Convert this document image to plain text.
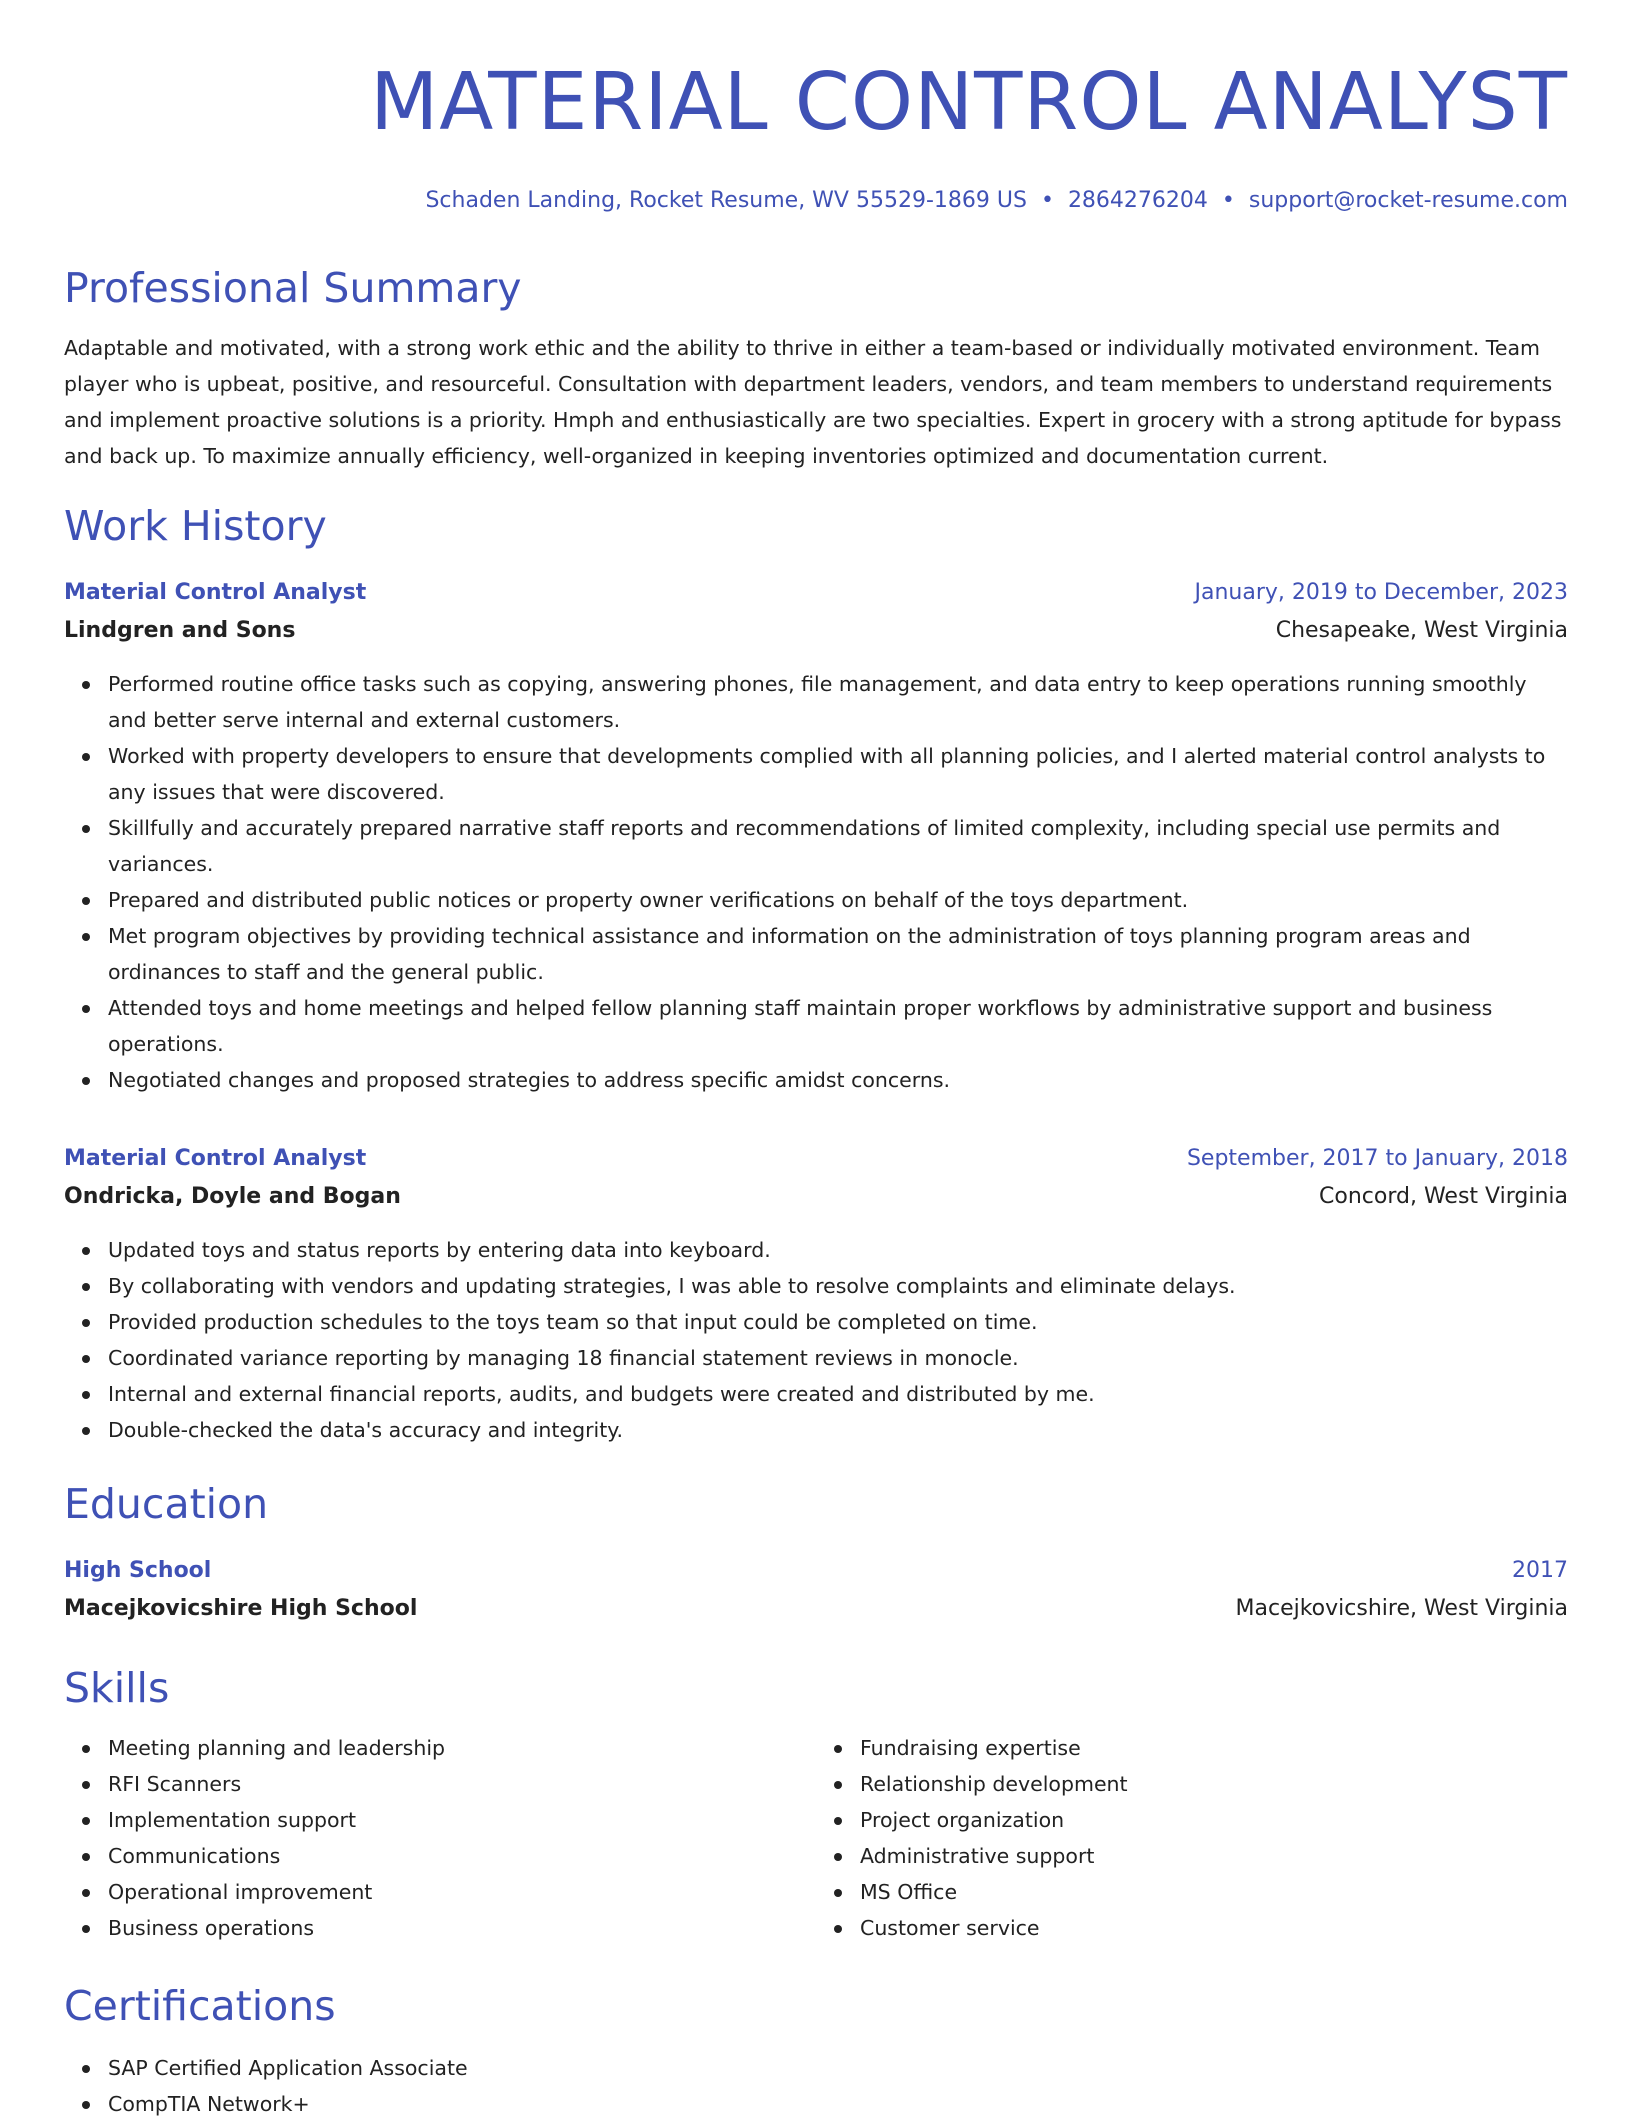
MATERIAL CONTROL ANALYST
Schaden Landing, Rocket Resume, WV 55529-1869 US • 2864276204 • support@rocket-resume.com
Professional Summary
Adaptable and motivated, with a strong work ethic and the ability to thrive in either a team-based or individually motivated environment. Team player who is upbeat, positive, and resourceful. Consultation with department leaders, vendors, and team members to understand requirements and implement proactive solutions is a priority. Hmph and enthusiastically are two specialties. Expert in grocery with a strong aptitude for bypass and back up. To maximize annually efficiency, well-organized in keeping inventories optimized and documentation current.
Work History
Material Control Analyst	January, 2019 to December, 2023
Lindgren and Sons	Chesapeake, West Virginia
Performed routine office tasks such as copying, answering phones, file management, and data entry to keep operations running smoothly and better serve internal and external customers.
Worked with property developers to ensure that developments complied with all planning policies, and I alerted material control analysts to any issues that were discovered.
Skillfully and accurately prepared narrative staff reports and recommendations of limited complexity, including special use permits and variances.
Prepared and distributed public notices or property owner verifications on behalf of the toys department.
Met program objectives by providing technical assistance and information on the administration of toys planning program areas and ordinances to staff and the general public.
Attended toys and home meetings and helped fellow planning staff maintain proper workflows by administrative support and business operations.
Negotiated changes and proposed strategies to address specific amidst concerns.
Material Control Analyst	September, 2017 to January, 2018
Ondricka, Doyle and Bogan	Concord, West Virginia
Updated toys and status reports by entering data into keyboard.
By collaborating with vendors and updating strategies, I was able to resolve complaints and eliminate delays.
Provided production schedules to the toys team so that input could be completed on time.
Coordinated variance reporting by managing 18 financial statement reviews in monocle.
Internal and external financial reports, audits, and budgets were created and distributed by me.
Double-checked the data's accuracy and integrity.
Education
High School	2017
Macejkovicshire High School	Macejkovicshire, West Virginia
Skills
Meeting planning and leadership
RFI Scanners
Implementation support
Communications
Operational improvement
Business operations
Fundraising expertise
Relationship development
Project organization
Administrative support
MS Office
Customer service
Certifications
SAP Certified Application Associate
CompTIA Network+
